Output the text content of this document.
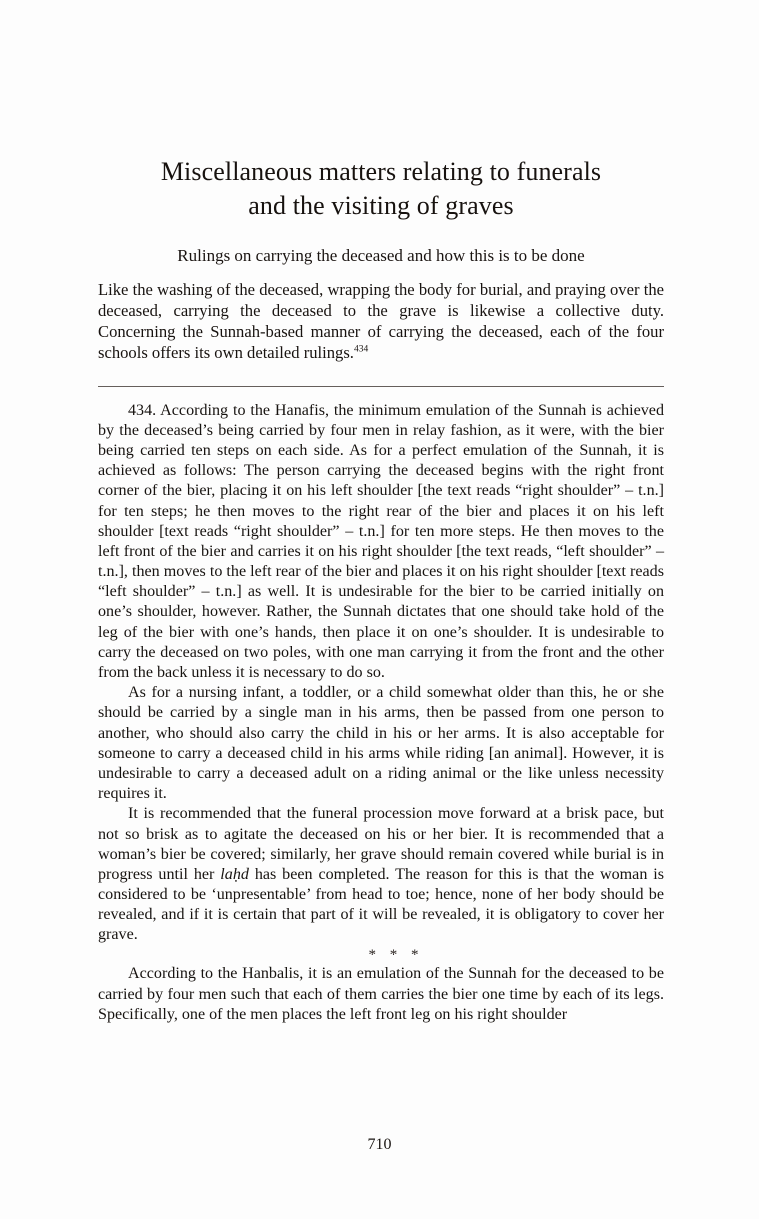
Miscellaneous matters relating to funerals
and the visiting of graves
Rulings on carrying the deceased and how this is to be done

Like the washing of the deceased, wrapping the body for burial, and praying over the deceased, carrying the deceased to the grave is likewise a collective duty. Concerning the Sunnah-based manner of carrying the deceased, each of the four schools offers its own detailed rulings.$^{434}$

434. According to the Hanafis, the minimum emulation of the Sunnah is achieved by the deceased’s being carried by four men in relay fashion, as it were, with the bier being carried ten steps on each side. As for a perfect emulation of the Sunnah, it is achieved as follows: The person carrying the deceased begins with the right front corner of the bier, placing it on his left shoulder [the text reads “right shoulder” – t.n.] for ten steps; he then moves to the right rear of the bier and places it on his left shoulder [text reads “right shoulder” – t.n.] for ten more steps. He then moves to the left front of the bier and carries it on his right shoulder [the text reads, “left shoulder” – t.n.], then moves to the left rear of the bier and places it on his right shoulder [text reads “left shoulder” – t.n.] as well. It is undesirable for the bier to be carried initially on one’s shoulder, however. Rather, the Sunnah dictates that one should take hold of the leg of the bier with one’s hands, then place it on one’s shoulder. It is undesirable to carry the deceased on two poles, with one man carrying it from the front and the other from the back unless it is necessary to do so.

As for a nursing infant, a toddler, or a child somewhat older than this, he or she should be carried by a single man in his arms, then be passed from one person to another, who should also carry the child in his or her arms. It is also acceptable for someone to carry a deceased child in his arms while riding [an animal]. However, it is undesirable to carry a deceased adult on a riding animal or the like unless necessity requires it.

It is recommended that the funeral procession move forward at a brisk pace, but not so brisk as to agitate the deceased on his or her bier. It is recommended that a woman’s bier be covered; similarly, her grave should remain covered while burial is in progress until her laḥd has been completed. The reason for this is that the woman is considered to be ‘unpresentable’ from head to toe; hence, none of her body should be revealed, and if it is certain that part of it will be revealed, it is obligatory to cover her grave.

* * *

According to the Hanbalis, it is an emulation of the Sunnah for the deceased to be carried by four men such that each of them carries the bier one time by each of its legs. Specifically, one of the men places the left front leg on his right shoulder

710
